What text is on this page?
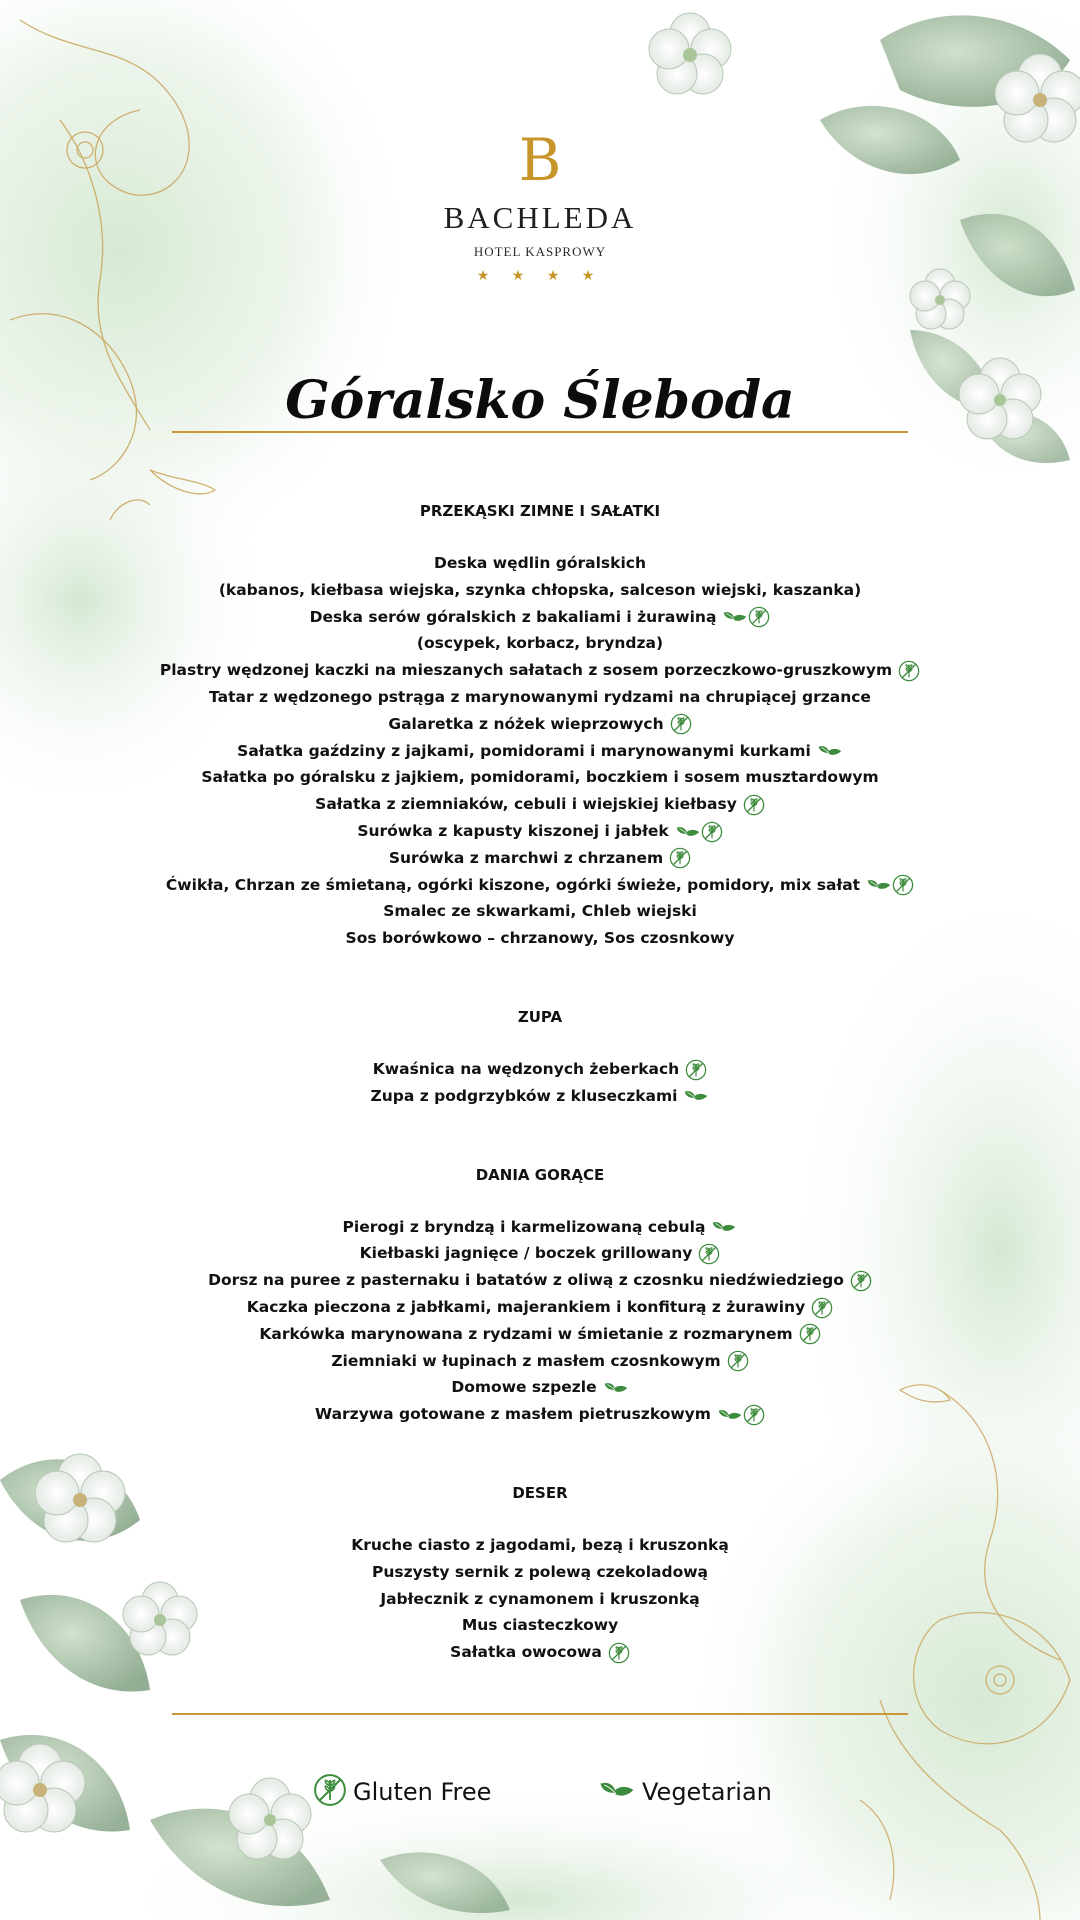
B
BACHLEDA
HOTEL KASPROWY
★ ★ ★ ★
Góralsko Śleboda
PRZEKĄSKI ZIMNE I SAŁATKI
Deska wędlin góralskich
(kabanos, kiełbasa wiejska, szynka chłopska, salceson wiejski, kaszanka)
Deska serów góralskich z bakaliami i żurawiną
(oscypek, korbacz, bryndza)
Plastry wędzonej kaczki na mieszanych sałatach z sosem porzeczkowo-gruszkowym
Tatar z wędzonego pstrąga z marynowanymi rydzami na chrupiącej grzance
Galaretka z nóżek wieprzowych
Sałatka gaździny z jajkami, pomidorami i marynowanymi kurkami
Sałatka po góralsku z jajkiem, pomidorami, boczkiem i sosem musztardowym
Sałatka z ziemniaków, cebuli i wiejskiej kiełbasy
Surówka z kapusty kiszonej i jabłek
Surówka z marchwi z chrzanem
Ćwikła, Chrzan ze śmietaną, ogórki kiszone, ogórki świeże, pomidory, mix sałat
Smalec ze skwarkami, Chleb wiejski
Sos borówkowo – chrzanowy, Sos czosnkowy
ZUPA
Kwaśnica na wędzonych żeberkach
Zupa z podgrzybków z kluseczkami
DANIA GORĄCE
Pierogi z bryndzą i karmelizowaną cebulą
Kiełbaski jagnięce / boczek grillowany
Dorsz na puree z pasternaku i batatów z oliwą z czosnku niedźwiedziego
Kaczka pieczona z jabłkami, majerankiem i konfiturą z żurawiny
Karkówka marynowana z rydzami w śmietanie z rozmarynem
Ziemniaki w łupinach z masłem czosnkowym
Domowe szpezle
Warzywa gotowane z masłem pietruszkowym
DESER
Kruche ciasto z jagodami, bezą i kruszonką
Puszysty sernik z polewą czekoladową
Jabłecznik z cynamonem i kruszonką
Mus ciasteczkowy
Sałatka owocowa
Gluten Free	Vegetarian
